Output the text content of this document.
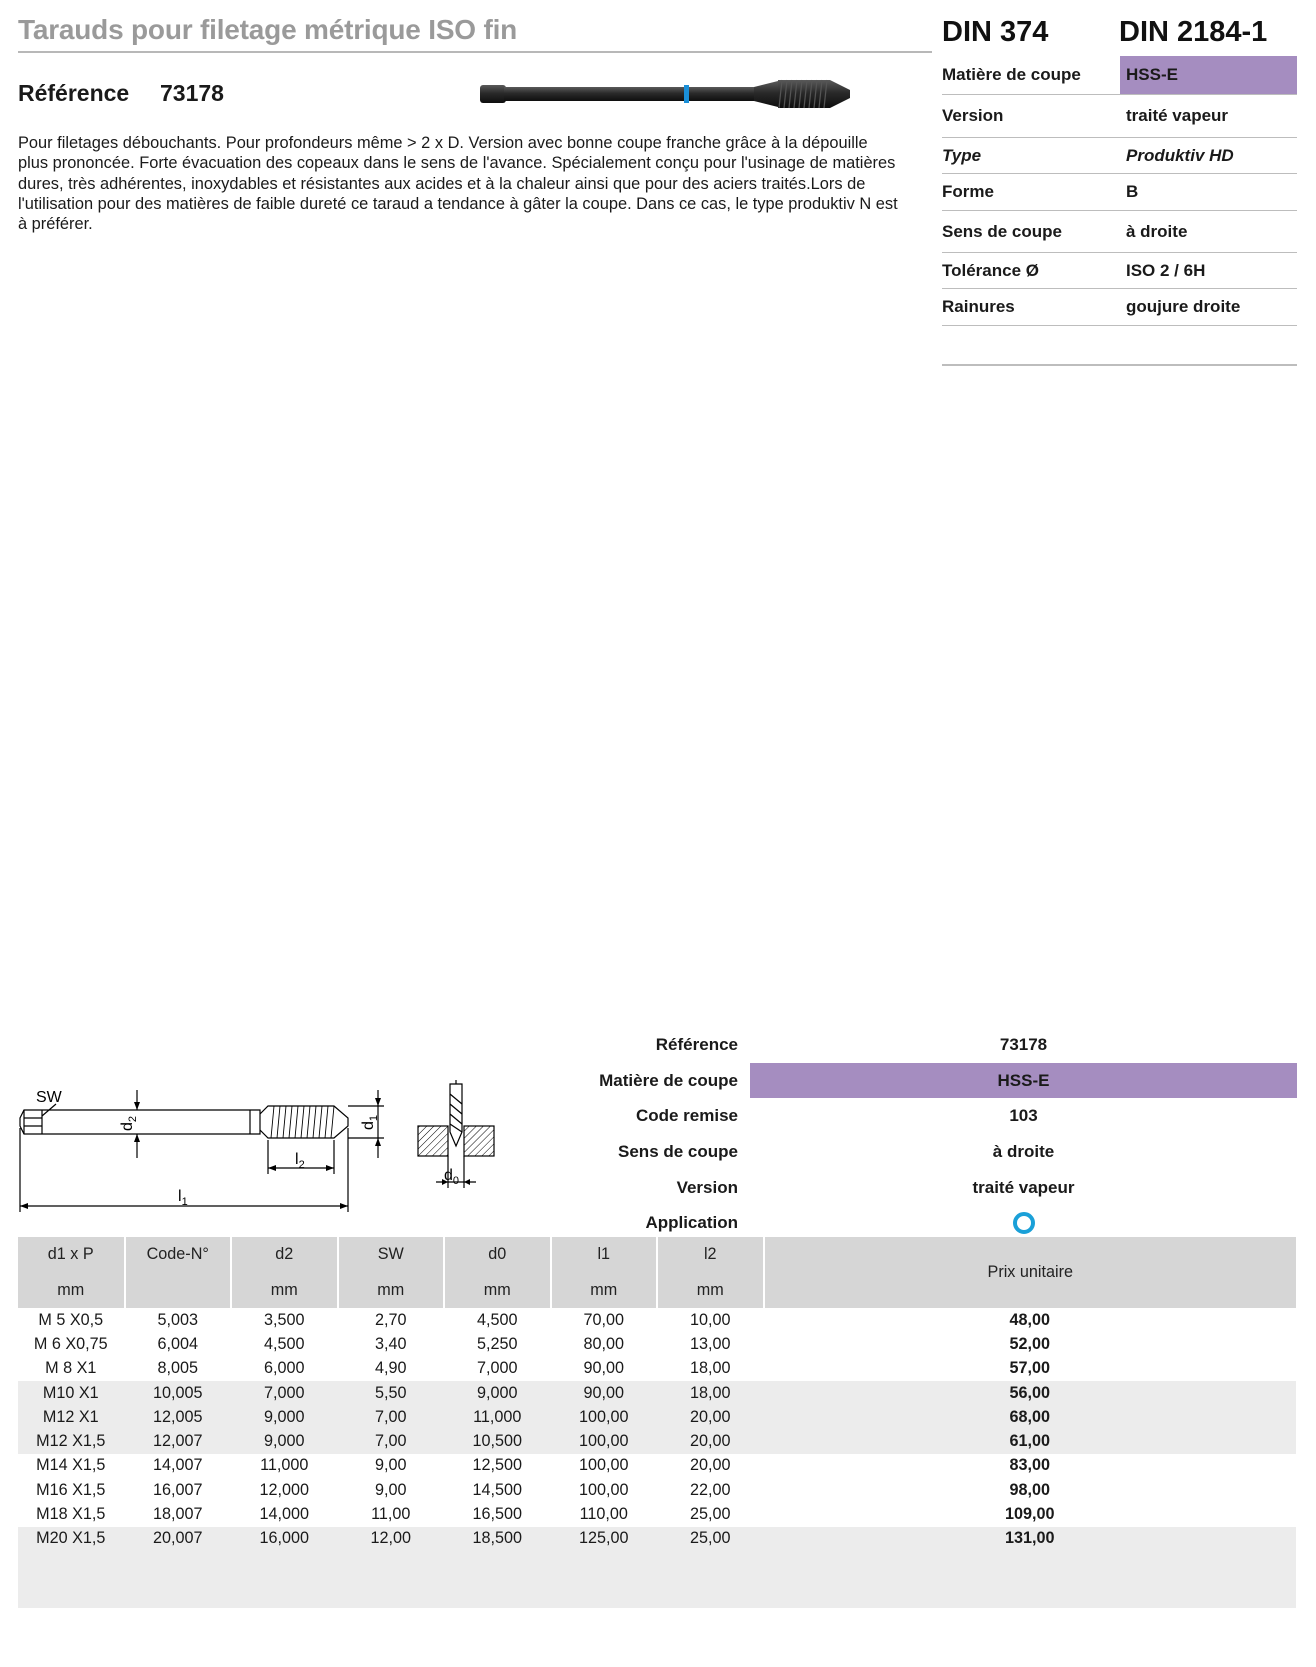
Tarauds pour filetage métrique ISO fin	DIN 374 DIN 2184-1
Référence 73178
Pour filetages débouchants. Pour profondeurs même > 2 x D. Version avec bonne coupe franche grâce à la dépouille plus prononcée. Forte évacuation des copeaux dans le sens de l'avance. Spécialement conçu pour l'usinage de matières dures, très adhérentes, inoxydables et résistantes aux acides et à la chaleur ainsi que pour des aciers traités.Lors de l'utilisation pour des matières de faible dureté ce taraud a tendance à gâter la coupe. Dans ce cas, le type produktiv N est à préférer.
Matière de coupe	HSS-E
Version	traité vapeur
Type	Produktiv HD
Forme	B
Sens de coupe	à droite
Tolérance Ø	ISO 2 / 6H
Rainures	goujure droite
SW
$d_2$
$d_1$
$l_2$
$l_1$
$d_0$
Référence	73178
Matière de coupe	HSS-E
Code remise	103
Sens de coupe	à droite
Version	traité vapeur
Application
d1 x P	Code-N°	d2	SW	d0	l1	l2	Prix unitaire
mm		mm	mm	mm	mm	mm	
M 5 X0,5	5,003	3,500	2,70	4,500	70,00	10,00	48,00
M 6 X0,75	6,004	4,500	3,40	5,250	80,00	13,00	52,00
M 8 X1	8,005	6,000	4,90	7,000	90,00	18,00	57,00
M10 X1	10,005	7,000	5,50	9,000	90,00	18,00	56,00
M12 X1	12,005	9,000	7,00	11,000	100,00	20,00	68,00
M12 X1,5	12,007	9,000	7,00	10,500	100,00	20,00	61,00
M14 X1,5	14,007	11,000	9,00	12,500	100,00	20,00	83,00
M16 X1,5	16,007	12,000	9,00	14,500	100,00	22,00	98,00
M18 X1,5	18,007	14,000	11,00	16,500	110,00	25,00	109,00
M20 X1,5	20,007	16,000	12,00	18,500	125,00	25,00	131,00
